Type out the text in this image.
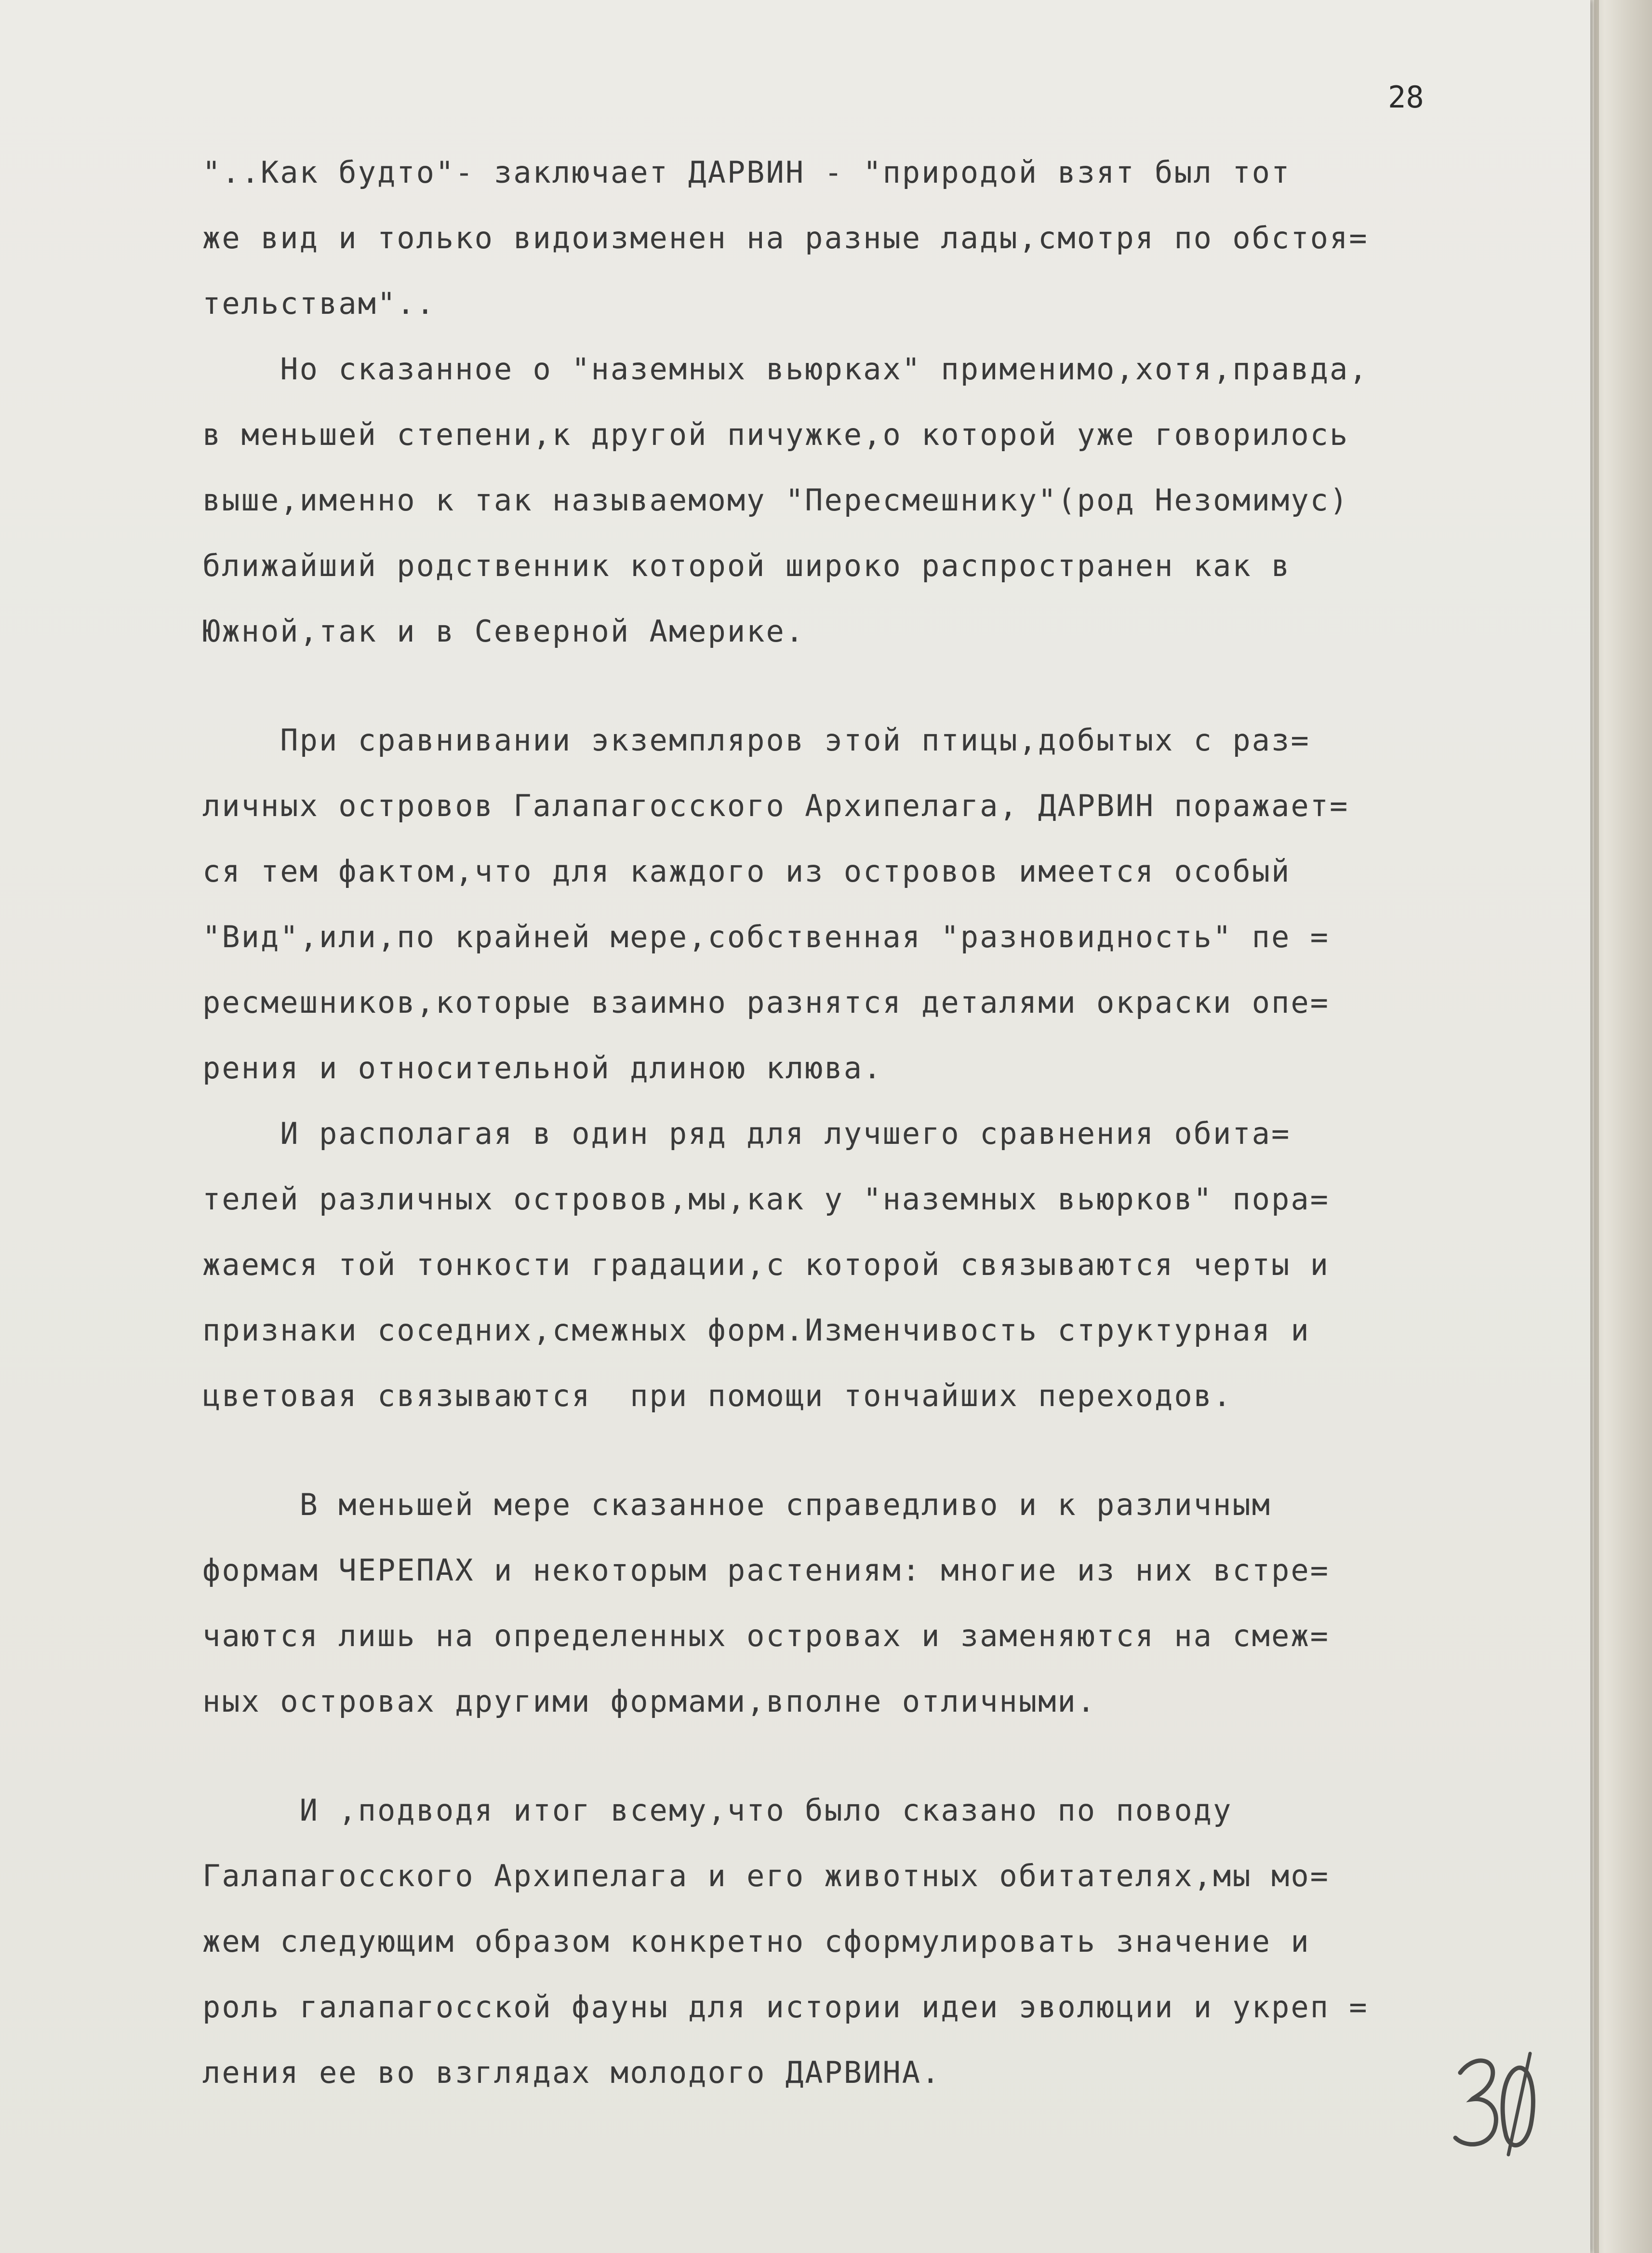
28
"..Как будто"- заключает ДАРВИН - "природой взят был тот
же вид и только видоизменен на разные лады,смотря по обстоя=
тельствам"..
Но сказанное о "наземных вьюрках" применимо,хотя,правда,
в меньшей степени,к другой пичужке,о которой уже говорилось
выше,именно к так называемому "Пересмешнику"(род Незомимус)
ближайший родственник которой широко распространен как в
Южной,так и в Северной Америке.
При сравнивании экземпляров этой птицы,добытых с раз=
личных островов Галапагосского Архипелага, ДАРВИН поражает=
ся тем фактом,что для каждого из островов имеется особый
"Вид",или,по крайней мере,собственная "разновидность" пе =
ресмешников,которые взаимно разнятся деталями окраски опе=
рения и относительной длиною клюва.
И располагая в один ряд для лучшего сравнения обита=
телей различных островов,мы,как у "наземных вьюрков" пора=
жаемся той тонкости градации,с которой связываются черты и
признаки соседних,смежных форм.Изменчивость структурная и
цветовая связываются  при помощи тончайших переходов.
В меньшей мере сказанное справедливо и к различным
формам ЧЕРЕПАХ и некоторым растениям: многие из них встре=
чаются лишь на определенных островах и заменяются на смеж=
ных островах другими формами,вполне отличными.
И ,подводя итог всему,что было сказано по поводу
Галапагосского Архипелага и его животных обитателях,мы мо=
жем следующим образом конкретно сформулировать значение и
роль галапагосской фауны для истории идеи эволюции и укреп =
ления ее во взглядах молодого ДАРВИНА.
